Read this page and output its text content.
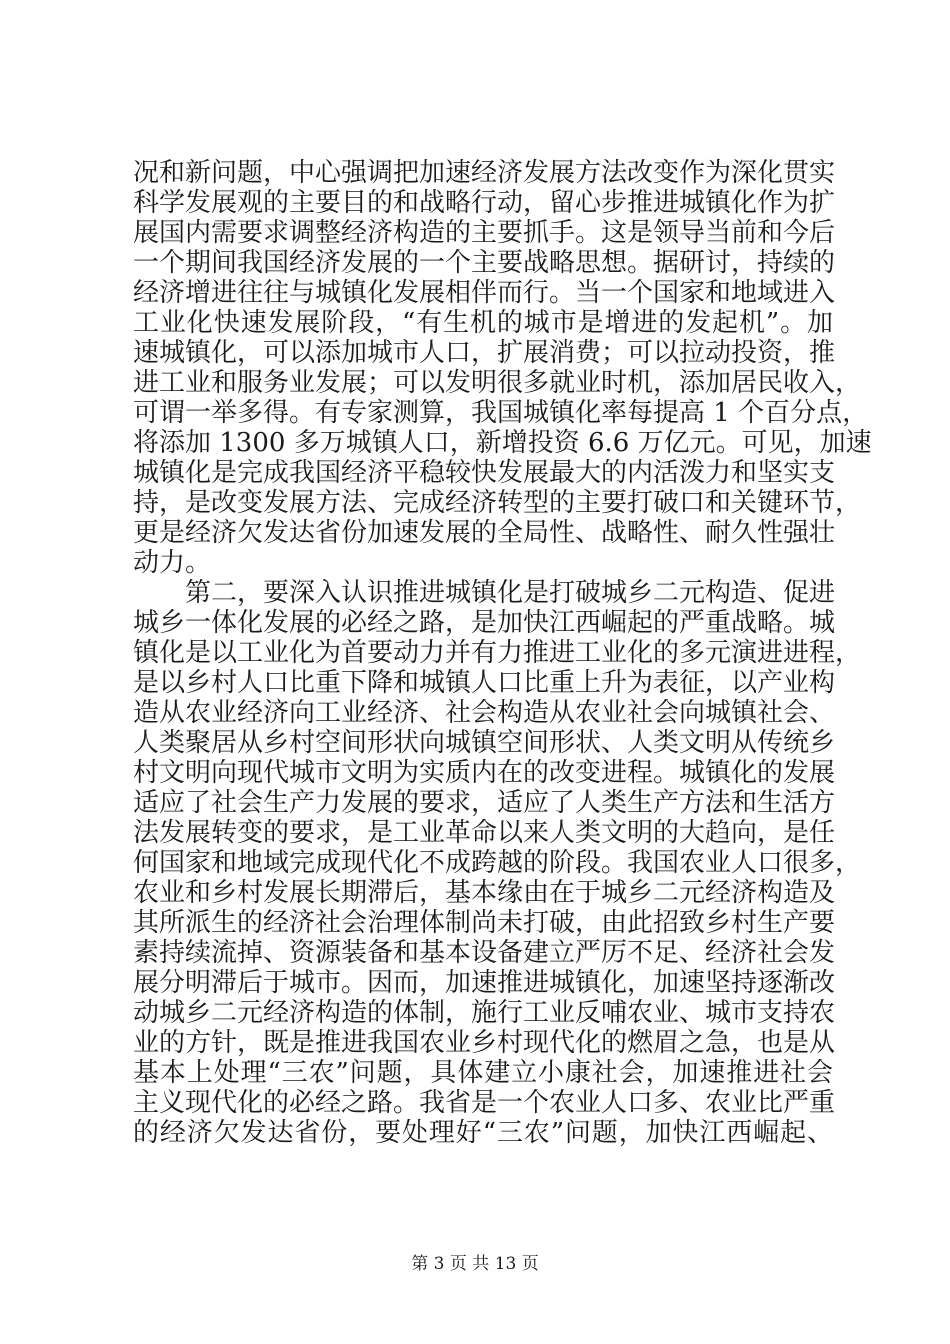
况和新问题，中心强调把加速经济发展方法改变作为深化贯实
科学发展观的主要目的和战略行动，留心步推进城镇化作为扩
展国内需要求调整经济构造的主要抓手。这是领导当前和今后
一个期间我国经济发展的一个主要战略思想。据研讨，持续的
经济增进往往与城镇化发展相伴而行。当一个国家和地域进入
工业化快速发展阶段，“有生机的城市是增进的发起机”。加
速城镇化，可以添加城市人口，扩展消费；可以拉动投资，推
进工业和服务业发展；可以发明很多就业时机，添加居民收入，
可谓一举多得。有专家测算，我国城镇化率每提高 1 个百分点，
将添加 1300 多万城镇人口，新增投资 6.6 万亿元。可见，加速
城镇化是完成我国经济平稳较快发展最大的内活泼力和坚实支
持，是改变发展方法、完成经济转型的主要打破口和关键环节，
更是经济欠发达省份加速发展的全局性、战略性、耐久性强壮
动力。
第二，要深入认识推进城镇化是打破城乡二元构造、促进
城乡一体化发展的必经之路，是加快江西崛起的严重战略。城
镇化是以工业化为首要动力并有力推进工业化的多元演进进程，
是以乡村人口比重下降和城镇人口比重上升为表征，以产业构
造从农业经济向工业经济、社会构造从农业社会向城镇社会、
人类聚居从乡村空间形状向城镇空间形状、人类文明从传统乡
村文明向现代城市文明为实质内在的改变进程。城镇化的发展
适应了社会生产力发展的要求，适应了人类生产方法和生活方
法发展转变的要求，是工业革命以来人类文明的大趋向，是任
何国家和地域完成现代化不成跨越的阶段。我国农业人口很多，
农业和乡村发展长期滞后，基本缘由在于城乡二元经济构造及
其所派生的经济社会治理体制尚未打破，由此招致乡村生产要
素持续流掉、资源装备和基本设备建立严厉不足、经济社会发
展分明滞后于城市。因而，加速推进城镇化，加速坚持逐渐改
动城乡二元经济构造的体制，施行工业反哺农业、城市支持农
业的方针，既是推进我国农业乡村现代化的燃眉之急，也是从
基本上处理“三农”问题，具体建立小康社会，加速推进社会
主义现代化的必经之路。我省是一个农业人口多、农业比严重
的经济欠发达省份，要处理好“三农”问题，加快江西崛起、
第 3 页 共 13 页
